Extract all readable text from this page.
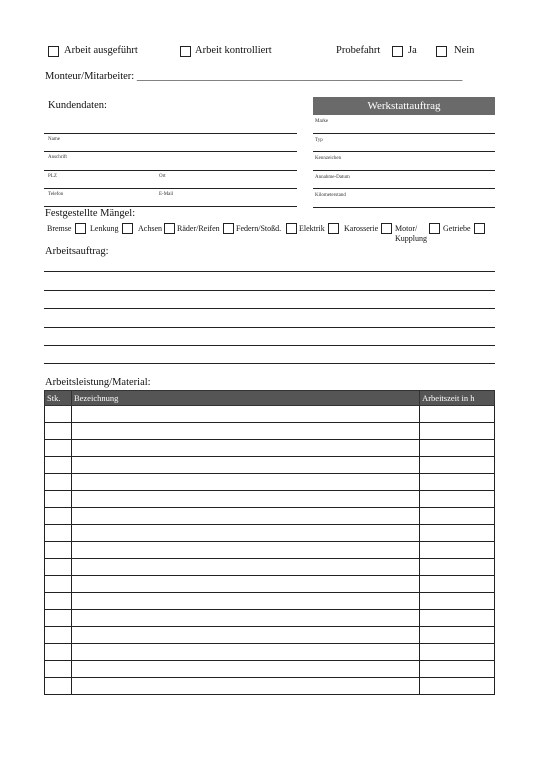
Arbeit ausgeführt	Arbeit kontrolliert	Probefahrt	Ja	Nein
Monteur/Mitarbeiter: ______________________________________________________________
Kundendaten:
Name
Anschrift
PLZ	Ort
Telefon	E-Mail
Werkstattauftrag
Marke
Typ
Kennzeichen
Annahme-Datum
Kilometerstand
Festgestellte Mängel:
Bremse Lenkung Achsen Räder/Reifen Federn/Stoßd. Elektrik Karosserie Motor/
Kupplung
Getriebe
Arbeitsauftrag:
Arbeitsleistung/Material:
Stk.	Bezeichnung	Arbeitszeit in h
